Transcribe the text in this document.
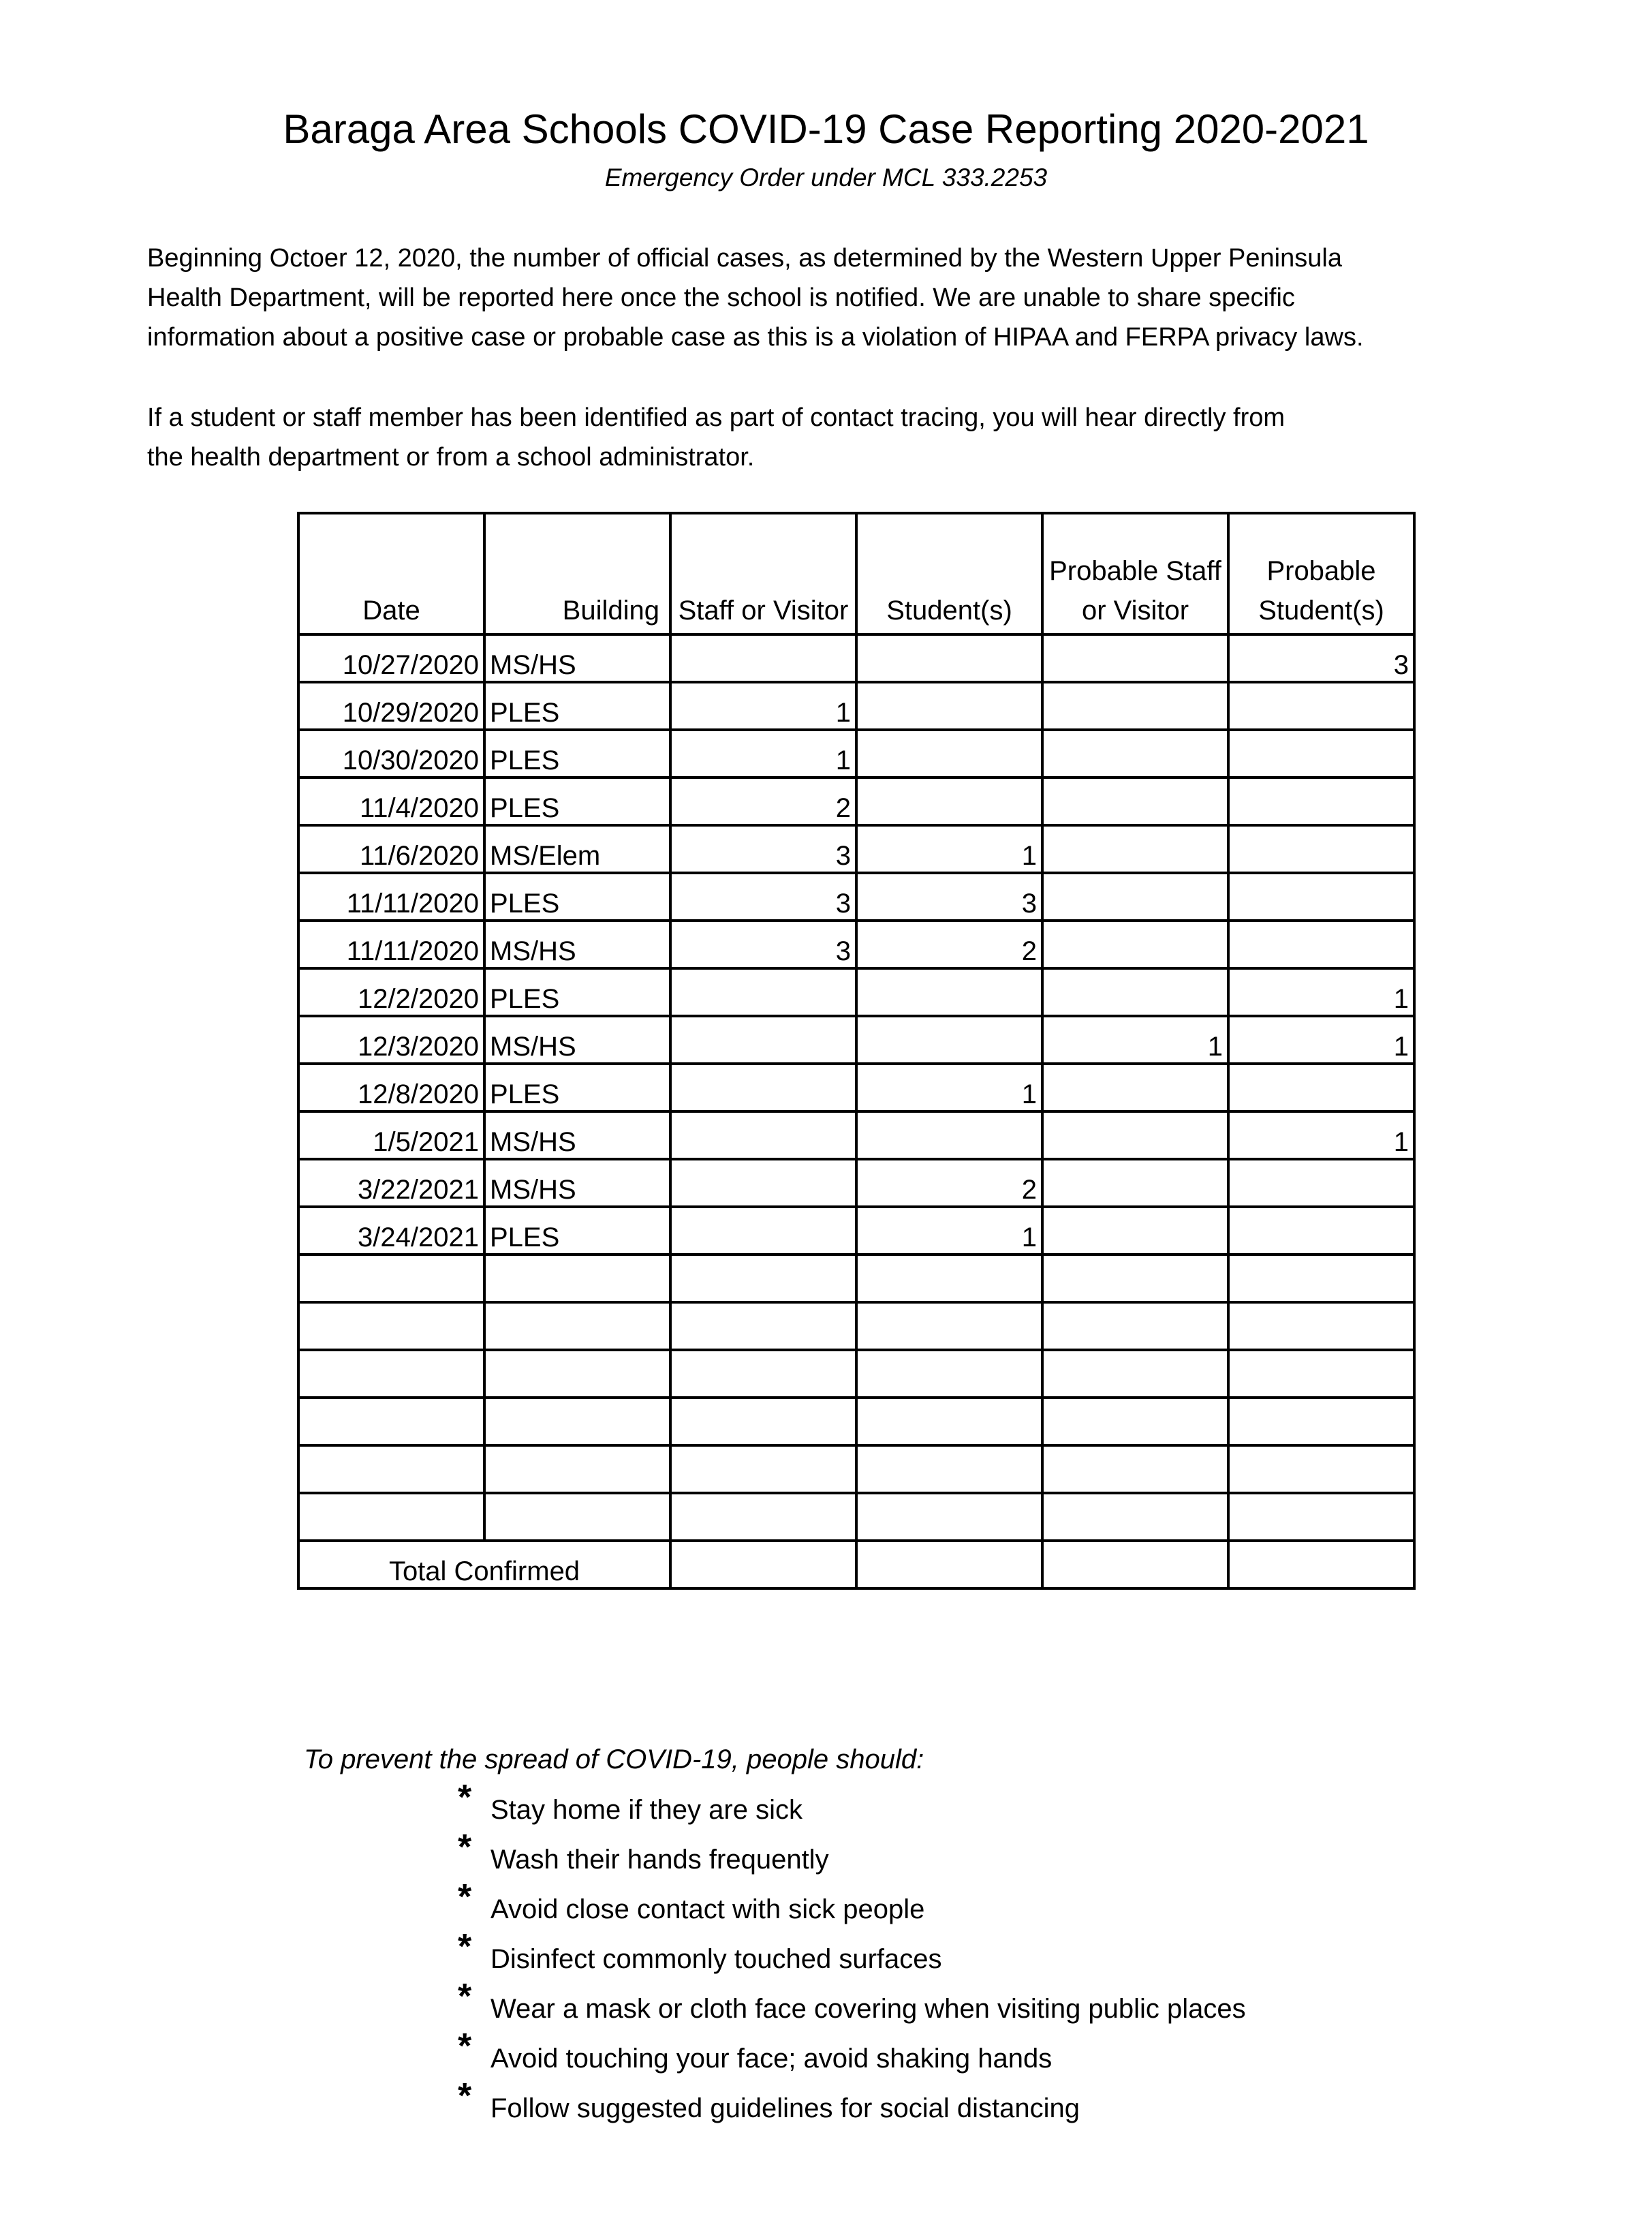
Baraga Area Schools COVID-19 Case Reporting 2020-2021
Emergency Order under MCL 333.2253

Beginning Octoer 12, 2020, the number of official cases, as determined by the Western Upper Peninsula
Health Department, will be reported here once the school is notified. We are unable to share specific
information about a positive case or probable case as this is a violation of HIPAA and FERPA privacy laws.

If a student or staff member has been identified as part of contact tracing, you will hear directly from
the health department or from a school administrator.

Date	Building	Staff or Visitor	Student(s)	Probable Staff or Visitor	Probable Student(s)
10/27/2020	MS/HS				3
10/29/2020	PLES	1			
10/30/2020	PLES	1			
11/4/2020	PLES	2			
11/6/2020	MS/Elem	3	1		
11/11/2020	PLES	3	3		
11/11/2020	MS/HS	3	2		
12/2/2020	PLES				1
12/3/2020	MS/HS			1	1
12/8/2020	PLES		1		
1/5/2021	MS/HS				1
3/22/2021	MS/HS		2		
3/24/2021	PLES		1		

Total Confirmed					
To prevent the spread of COVID-19, people should:
* Stay home if they are sick
* Wash their hands frequently
* Avoid close contact with sick people
* Disinfect commonly touched surfaces
* Wear a mask or cloth face covering when visiting public places
* Avoid touching your face; avoid shaking hands
* Follow suggested guidelines for social distancing
